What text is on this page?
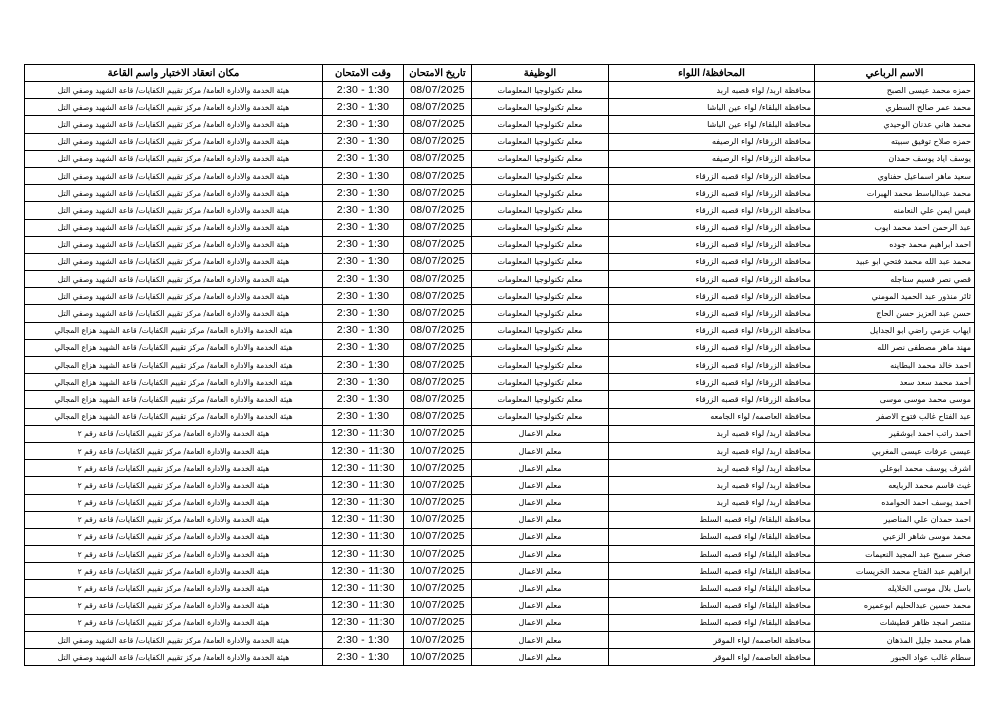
مكان انعقاد الاختبار واسم القاعة	وقت الامتحان	تاريخ الامتحان	الوظيفة	المحافظة/ اللواء	الاسم الرباعي
هيئة الخدمة والادارة العامة/ مركز تقييم الكفايات/ قاعة الشهيد وصفي التل	2:30 - 1:30	08/07/2025	معلم تكنولوجيا المعلومات	محافظة اربد/ لواء قصبه اربد	حمزه محمد عيسى الصبح
هيئة الخدمة والادارة العامة/ مركز تقييم الكفايات/ قاعة الشهيد وصفي التل	2:30 - 1:30	08/07/2025	معلم تكنولوجيا المعلومات	محافظة البلقاء/ لواء عين الباشا	محمد عمر صالح السطري
هيئة الخدمة والادارة العامة/ مركز تقييم الكفايات/ قاعة الشهيد وصفي التل	2:30 - 1:30	08/07/2025	معلم تكنولوجيا المعلومات	محافظة البلقاء/ لواء عين الباشا	محمد هاني عدنان الوحيدي
هيئة الخدمة والادارة العامة/ مركز تقييم الكفايات/ قاعة الشهيد وصفي التل	2:30 - 1:30	08/07/2025	معلم تكنولوجيا المعلومات	محافظة الزرقاء/ لواء الرصيفه	حمزه صلاح توفيق سبيته
هيئة الخدمة والادارة العامة/ مركز تقييم الكفايات/ قاعة الشهيد وصفي التل	2:30 - 1:30	08/07/2025	معلم تكنولوجيا المعلومات	محافظة الزرقاء/ لواء الرصيفه	يوسف اياد يوسف حمدان
هيئة الخدمة والادارة العامة/ مركز تقييم الكفايات/ قاعة الشهيد وصفي التل	2:30 - 1:30	08/07/2025	معلم تكنولوجيا المعلومات	محافظة الزرقاء/ لواء قصبه الزرقاء	سعيد ماهر اسماعيل حفناوي
هيئة الخدمة والادارة العامة/ مركز تقييم الكفايات/ قاعة الشهيد وصفي التل	2:30 - 1:30	08/07/2025	معلم تكنولوجيا المعلومات	محافظة الزرقاء/ لواء قصبه الزرقاء	محمد عبدالباسط محمد الهبرات
هيئة الخدمة والادارة العامة/ مركز تقييم الكفايات/ قاعة الشهيد وصفي التل	2:30 - 1:30	08/07/2025	معلم تكنولوجيا المعلومات	محافظة الزرقاء/ لواء قصبه الزرقاء	قيس ايمن علي النعامنه
هيئة الخدمة والادارة العامة/ مركز تقييم الكفايات/ قاعة الشهيد وصفي التل	2:30 - 1:30	08/07/2025	معلم تكنولوجيا المعلومات	محافظة الزرقاء/ لواء قصبه الزرقاء	عبد الرحمن احمد محمد ايوب
هيئة الخدمة والادارة العامة/ مركز تقييم الكفايات/ قاعة الشهيد وصفي التل	2:30 - 1:30	08/07/2025	معلم تكنولوجيا المعلومات	محافظة الزرقاء/ لواء قصبه الزرقاء	احمد ابراهيم محمد جوده
هيئة الخدمة والادارة العامة/ مركز تقييم الكفايات/ قاعة الشهيد وصفي التل	2:30 - 1:30	08/07/2025	معلم تكنولوجيا المعلومات	محافظة الزرقاء/ لواء قصبه الزرقاء	محمد عبد الله محمد فتحي ابو عبيد
هيئة الخدمة والادارة العامة/ مركز تقييم الكفايات/ قاعة الشهيد وصفي التل	2:30 - 1:30	08/07/2025	معلم تكنولوجيا المعلومات	محافظة الزرقاء/ لواء قصبه الزرقاء	قصي نصر قسيم سناجله
هيئة الخدمة والادارة العامة/ مركز تقييم الكفايات/ قاعة الشهيد وصفي التل	2:30 - 1:30	08/07/2025	معلم تكنولوجيا المعلومات	محافظة الزرقاء/ لواء قصبه الزرقاء	ثائر منذور عبد الحميد المومني
هيئة الخدمة والادارة العامة/ مركز تقييم الكفايات/ قاعة الشهيد وصفي التل	2:30 - 1:30	08/07/2025	معلم تكنولوجيا المعلومات	محافظة الزرقاء/ لواء قصبه الزرقاء	حسن عبد العزيز حسن الحاج
هيئة الخدمة والادارة العامة/ مركز تقييم الكفايات/ قاعة الشهيد هزاع المجالي	2:30 - 1:30	08/07/2025	معلم تكنولوجيا المعلومات	محافظة الزرقاء/ لواء قصبه الزرقاء	ايهاب عزمي راضي ابو الجدايل
هيئة الخدمة والادارة العامة/ مركز تقييم الكفايات/ قاعة الشهيد هزاع المجالي	2:30 - 1:30	08/07/2025	معلم تكنولوجيا المعلومات	محافظة الزرقاء/ لواء قصبه الزرقاء	مهند ماهر مصطفى نصر الله
هيئة الخدمة والادارة العامة/ مركز تقييم الكفايات/ قاعة الشهيد هزاع المجالي	2:30 - 1:30	08/07/2025	معلم تكنولوجيا المعلومات	محافظة الزرقاء/ لواء قصبه الزرقاء	احمد خالد محمد البطاينه
هيئة الخدمة والادارة العامة/ مركز تقييم الكفايات/ قاعة الشهيد هزاع المجالي	2:30 - 1:30	08/07/2025	معلم تكنولوجيا المعلومات	محافظة الزرقاء/ لواء قصبه الزرقاء	أحمد محمد سعد سعد
هيئة الخدمة والادارة العامة/ مركز تقييم الكفايات/ قاعة الشهيد هزاع المجالي	2:30 - 1:30	08/07/2025	معلم تكنولوجيا المعلومات	محافظة الزرقاء/ لواء قصبه الزرقاء	موسى محمد موسى موسى
هيئة الخدمة والادارة العامة/ مركز تقييم الكفايات/ قاعة الشهيد هزاع المجالي	2:30 - 1:30	08/07/2025	معلم تكنولوجيا المعلومات	محافظة العاصمه/ لواء الجامعه	عبد الفتاح غالب فتوح الاصفر
هيئة الخدمة والادارة العامة/ مركز تقييم الكفايات/ قاعة رقم ٢	12:30 - 11:30	10/07/2025	معلم الاعمال	محافظة اربد/ لواء قصبه اربد	احمد راتب احمد ابوشقير
هيئة الخدمة والادارة العامة/ مركز تقييم الكفايات/ قاعة رقم ٢	12:30 - 11:30	10/07/2025	معلم الاعمال	محافظة اربد/ لواء قصبه اربد	عيسى عرفات عيسى المغربي
هيئة الخدمة والادارة العامة/ مركز تقييم الكفايات/ قاعة رقم ٢	12:30 - 11:30	10/07/2025	معلم الاعمال	محافظة اربد/ لواء قصبه اربد	اشرف يوسف محمد ابوعلي
هيئة الخدمة والادارة العامة/ مركز تقييم الكفايات/ قاعة رقم ٢	12:30 - 11:30	10/07/2025	معلم الاعمال	محافظة اربد/ لواء قصبه اربد	غيث قاسم محمد الربايعه
هيئة الخدمة والادارة العامة/ مركز تقييم الكفايات/ قاعة رقم ٢	12:30 - 11:30	10/07/2025	معلم الاعمال	محافظة اربد/ لواء قصبه اربد	احمد يوسف احمد الحوامده
هيئة الخدمة والادارة العامة/ مركز تقييم الكفايات/ قاعة رقم ٢	12:30 - 11:30	10/07/2025	معلم الاعمال	محافظة البلقاء/ لواء قصبه السلط	احمد حمدان علي المناصير
هيئة الخدمة والادارة العامة/ مركز تقييم الكفايات/ قاعة رقم ٢	12:30 - 11:30	10/07/2025	معلم الاعمال	محافظة البلقاء/ لواء قصبه السلط	محمد موسى شاهر الزعبي
هيئة الخدمة والادارة العامة/ مركز تقييم الكفايات/ قاعة رقم ٢	12:30 - 11:30	10/07/2025	معلم الاعمال	محافظة البلقاء/ لواء قصبه السلط	صخر سميح عبد المجيد النعيمات
هيئة الخدمة والادارة العامة/ مركز تقييم الكفايات/ قاعة رقم ٢	12:30 - 11:30	10/07/2025	معلم الاعمال	محافظة البلقاء/ لواء قصبه السلط	ابراهيم عبد الفتاح محمد الخريسات
هيئة الخدمة والادارة العامة/ مركز تقييم الكفايات/ قاعة رقم ٢	12:30 - 11:30	10/07/2025	معلم الاعمال	محافظة البلقاء/ لواء قصبه السلط	باسل بلال موسى الخلايله
هيئة الخدمة والادارة العامة/ مركز تقييم الكفايات/ قاعة رقم ٢	12:30 - 11:30	10/07/2025	معلم الاعمال	محافظة البلقاء/ لواء قصبه السلط	محمد حسين عبدالحليم ابوعميره
هيئة الخدمة والادارة العامة/ مركز تقييم الكفايات/ قاعة رقم ٢	12:30 - 11:30	10/07/2025	معلم الاعمال	محافظة البلقاء/ لواء قصبه السلط	منتصر امجد ظاهر قطيشات
هيئة الخدمة والادارة العامة/ مركز تقييم الكفايات/ قاعة الشهيد وصفي التل	2:30 - 1:30	10/07/2025	معلم الاعمال	محافظة العاصمه/ لواء الموقر	همام محمد جليل المذهان
هيئة الخدمة والادارة العامة/ مركز تقييم الكفايات/ قاعة الشهيد وصفي التل	2:30 - 1:30	10/07/2025	معلم الاعمال	محافظة العاصمه/ لواء الموقر	سطام غالب عواد الجبور
